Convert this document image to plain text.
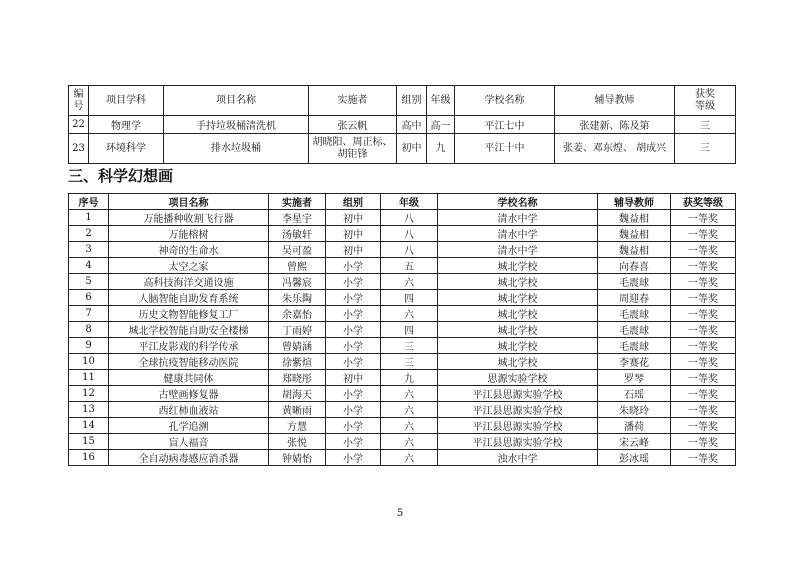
编号	项目学科	项目名称	实施者	组别	年级	学校名称	辅导教师	获奖等级
22	物理学	手持垃圾桶清洗机	张云帆	高中	高一	平江七中	张建新、陈及第	三
23	环境科学	排水垃圾桶	胡晓阳、周正标、胡钜锋	初中	九	平江十中	张姜、邓东煌、 胡成兴	三
三、科学幻想画
序号	项目名称	实施者	组别	年级	学校名称	辅导教师	获奖等级
1	万能播种收割飞行器	李星宇	初中	八	清水中学	魏益相	一等奖
2	万能榕树	汤敏轩	初中	八	清水中学	魏益相	一等奖
3	神奇的生命水	吴可盈	初中	八	清水中学	魏益相	一等奖
4	太空之家	曾熙	小学	五	城北学校	向春喜	一等奖
5	高科技海洋交通设施	冯馨宸	小学	六	城北学校	毛震球	一等奖
6	人脑智能自助发育系统	朱乐陶	小学	四	城北学校	周迎春	一等奖
7	历史文物智能修复工厂	余嘉怡	小学	六	城北学校	毛震球	一等奖
8	城北学校智能自助安全楼梯	丁雨婷	小学	四	城北学校	毛震球	一等奖
9	平江皮影戏的科学传承	曾婧涵	小学	三	城北学校	毛震球	一等奖
10	全球抗疫智能移动医院	徐紫煊	小学	三	城北学校	李赛花	一等奖
11	健康共同体	郑晓彤	初中	九	思源实验学校	罗琴	一等奖
12	古壁画修复器	胡海天	小学	六	平江县思源实验学校	石瑶	一等奖
13	西红柿血液站	黄晰雨	小学	六	平江县思源实验学校	朱晓玲	一等奖
14	孔学追溯	方慧	小学	六	平江县思源实验学校	潘荷	一等奖
15	盲人福音	张悦	小学	六	平江县思源实验学校	宋云峰	一等奖
16	全自动病毒感应消杀器	钟婧怡	小学	六	浊水中学	彭冰瑶	一等奖
5
